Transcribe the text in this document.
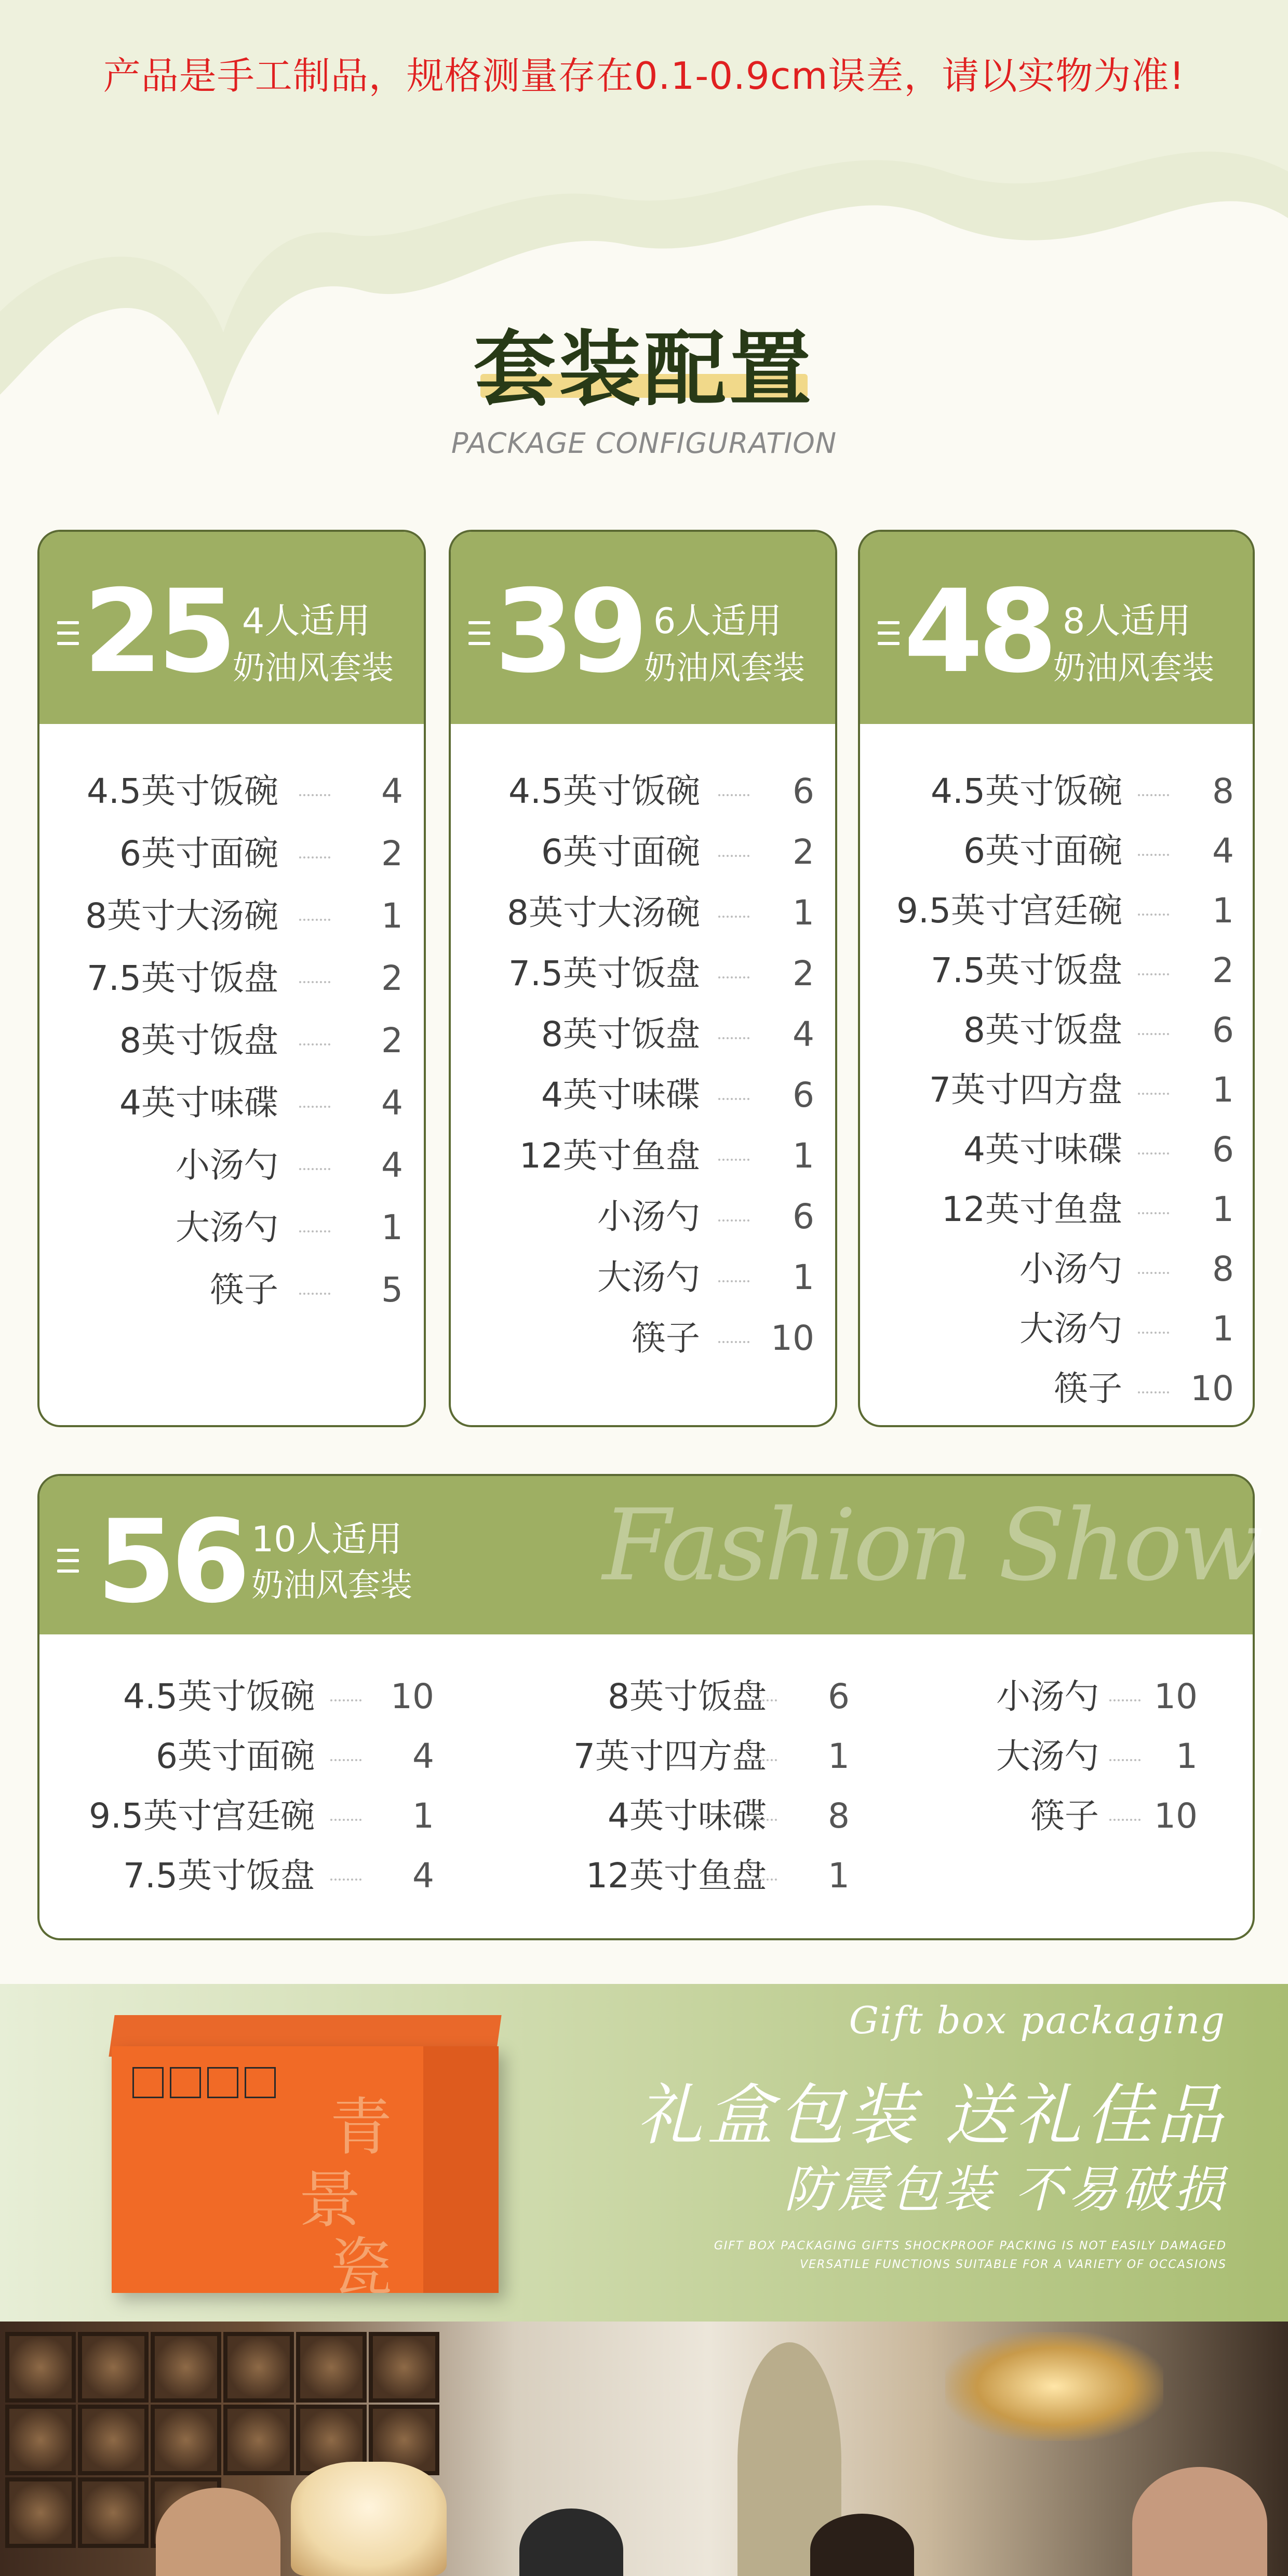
产品是手工制品，规格测量存在0.1-0.9cm误差，请以实物为准!
套装配置
PACKAGE CONFIGURATION
25 4人适用
奶油风套装
4.5英寸饭碗	4
6英寸面碗	2
8英寸大汤碗	1
7.5英寸饭盘	2
8英寸饭盘	2
4英寸味碟	4
小汤勺	4
大汤勺	1
筷子	5
39 6人适用
奶油风套装
4.5英寸饭碗	6
6英寸面碗	2
8英寸大汤碗	1
7.5英寸饭盘	2
8英寸饭盘	4
4英寸味碟	6
12英寸鱼盘	1
小汤勺	6
大汤勺	1
筷子	10
48 8人适用
奶油风套装
4.5英寸饭碗	8
6英寸面碗	4
9.5英寸宫廷碗	1
7.5英寸饭盘	2
8英寸饭盘	6
7英寸四方盘	1
4英寸味碟	6
12英寸鱼盘	1
小汤勺	8
大汤勺	1
筷子	10
56 10人适用
奶油风套装
4.5英寸饭碗	10
6英寸面碗	4
9.5英寸宫廷碗	1
7.5英寸饭盘	4
8英寸饭盘	6
7英寸四方盘	1
4英寸味碟	8
12英寸鱼盘	1
小汤勺	10
大汤勺	1
筷子	10
Fashion Show
青
景
瓷
Gift box packaging
礼盒包装 送礼佳品
防震包装 不易破损
GIFT BOX PACKAGING GIFTS SHOCKPROOF PACKING IS NOT EASILY DAMAGED
VERSATILE FUNCTIONS SUITABLE FOR A VARIETY OF OCCASIONS
